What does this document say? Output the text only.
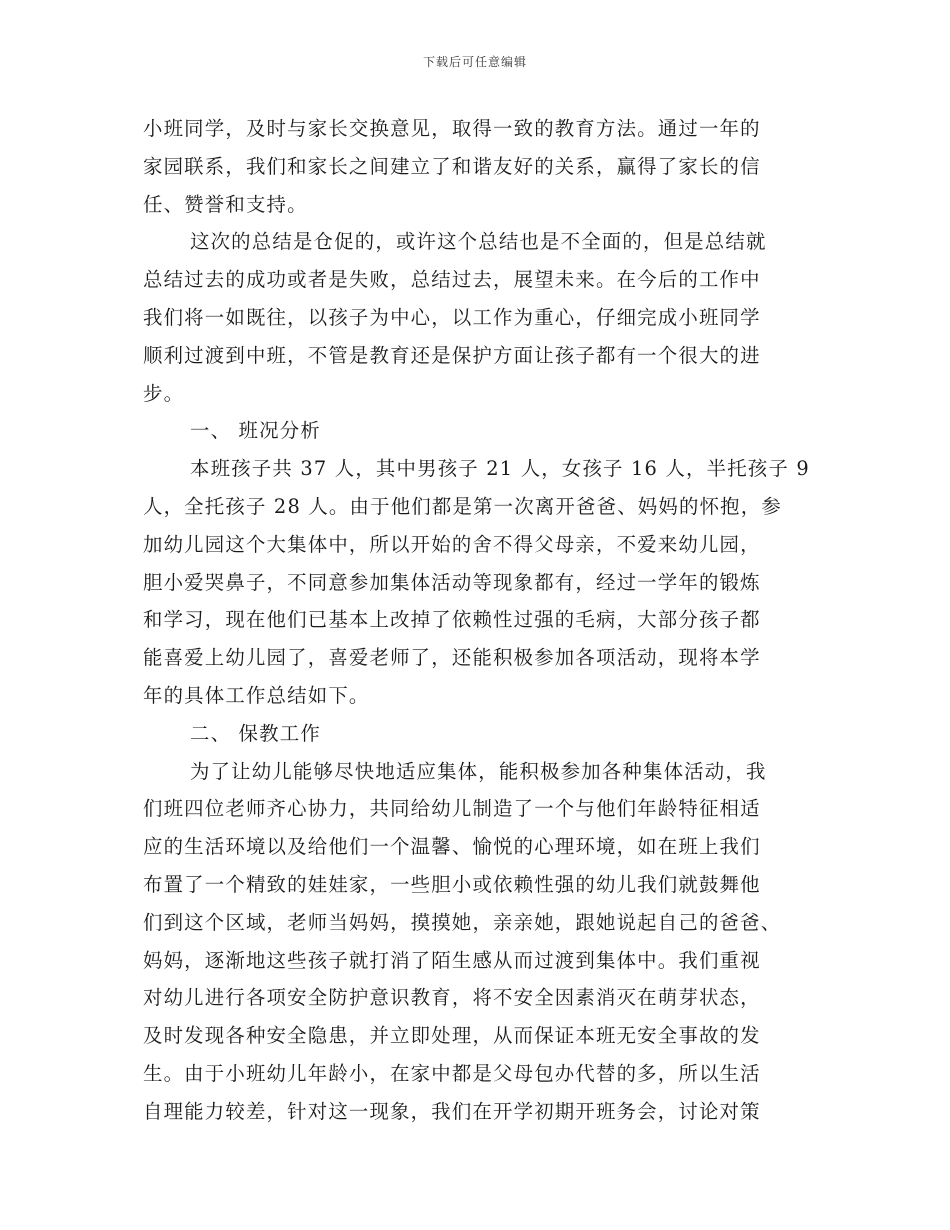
下载后可任意编辑
小班同学，及时与家长交换意见，取得一致的教育方法。通过一年的
家园联系，我们和家长之间建立了和谐友好的关系，赢得了家长的信
任、赞誉和支持。
这次的总结是仓促的，或许这个总结也是不全面的，但是总结就
总结过去的成功或者是失败，总结过去，展望未来。在今后的工作中
我们将一如既往，以孩子为中心，以工作为重心，仔细完成小班同学
顺利过渡到中班，不管是教育还是保护方面让孩子都有一个很大的进
步。
一、 班况分析
本班孩子共 37 人，其中男孩子 21 人，女孩子 16 人，半托孩子 9
人，全托孩子 28 人。由于他们都是第一次离开爸爸、妈妈的怀抱，参
加幼儿园这个大集体中，所以开始的舍不得父母亲，不爱来幼儿园，
胆小爱哭鼻子，不同意参加集体活动等现象都有，经过一学年的锻炼
和学习，现在他们已基本上改掉了依赖性过强的毛病，大部分孩子都
能喜爱上幼儿园了，喜爱老师了，还能积极参加各项活动，现将本学
年的具体工作总结如下。
二、 保教工作
为了让幼儿能够尽快地适应集体，能积极参加各种集体活动，我
们班四位老师齐心协力，共同给幼儿制造了一个与他们年龄特征相适
应的生活环境以及给他们一个温馨、愉悦的心理环境，如在班上我们
布置了一个精致的娃娃家，一些胆小或依赖性强的幼儿我们就鼓舞他
们到这个区域，老师当妈妈，摸摸她，亲亲她，跟她说起自己的爸爸、
妈妈，逐渐地这些孩子就打消了陌生感从而过渡到集体中。我们重视
对幼儿进行各项安全防护意识教育，将不安全因素消灭在萌芽状态，
及时发现各种安全隐患，并立即处理，从而保证本班无安全事故的发
生。由于小班幼儿年龄小，在家中都是父母包办代替的多，所以生活
自理能力较差，针对这一现象，我们在开学初期开班务会，讨论对策
